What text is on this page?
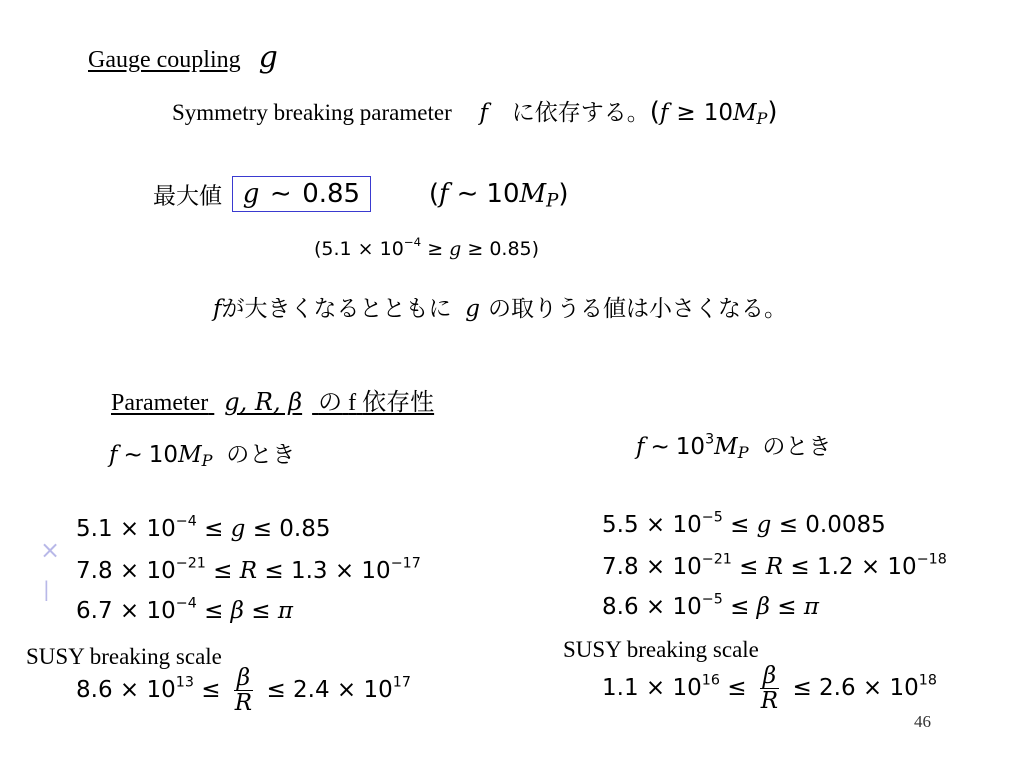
Gauge coupling g
Symmetry breaking parameter f に依存する。$(f \ge 10M_P)$
最大値 g ∼ 0.85	(f ∼ $10M_P$)
$(5.1 \times 10^{-4} \ge g \ge 0.85)$
fが大きくなるとともに g の取りうる値は小さくなる。
Parameter g, R, β の f 依存性
f ∼ $10M_P$ のとき	f ∼ $10^3M_P$ のとき
×
|
$5.1 \times 10^{-4} \le g \le 0.85$
$7.8 \times 10^{-21} \le R \le 1.3 \times 10^{-17}$
$6.7 \times 10^{-4} \le \beta \le \pi$
SUSY breaking scale
$8.6 \times 10^{13} \le \frac{\beta}{R} \le 2.4 \times 10^{17}$
$5.5 \times 10^{-5} \le g \le 0.0085$
$7.8 \times 10^{-21} \le R \le 1.2 \times 10^{-18}$
$8.6 \times 10^{-5} \le \beta \le \pi$
SUSY breaking scale
$1.1 \times 10^{16} \le \frac{\beta}{R} \le 2.6 \times 10^{18}$
46
